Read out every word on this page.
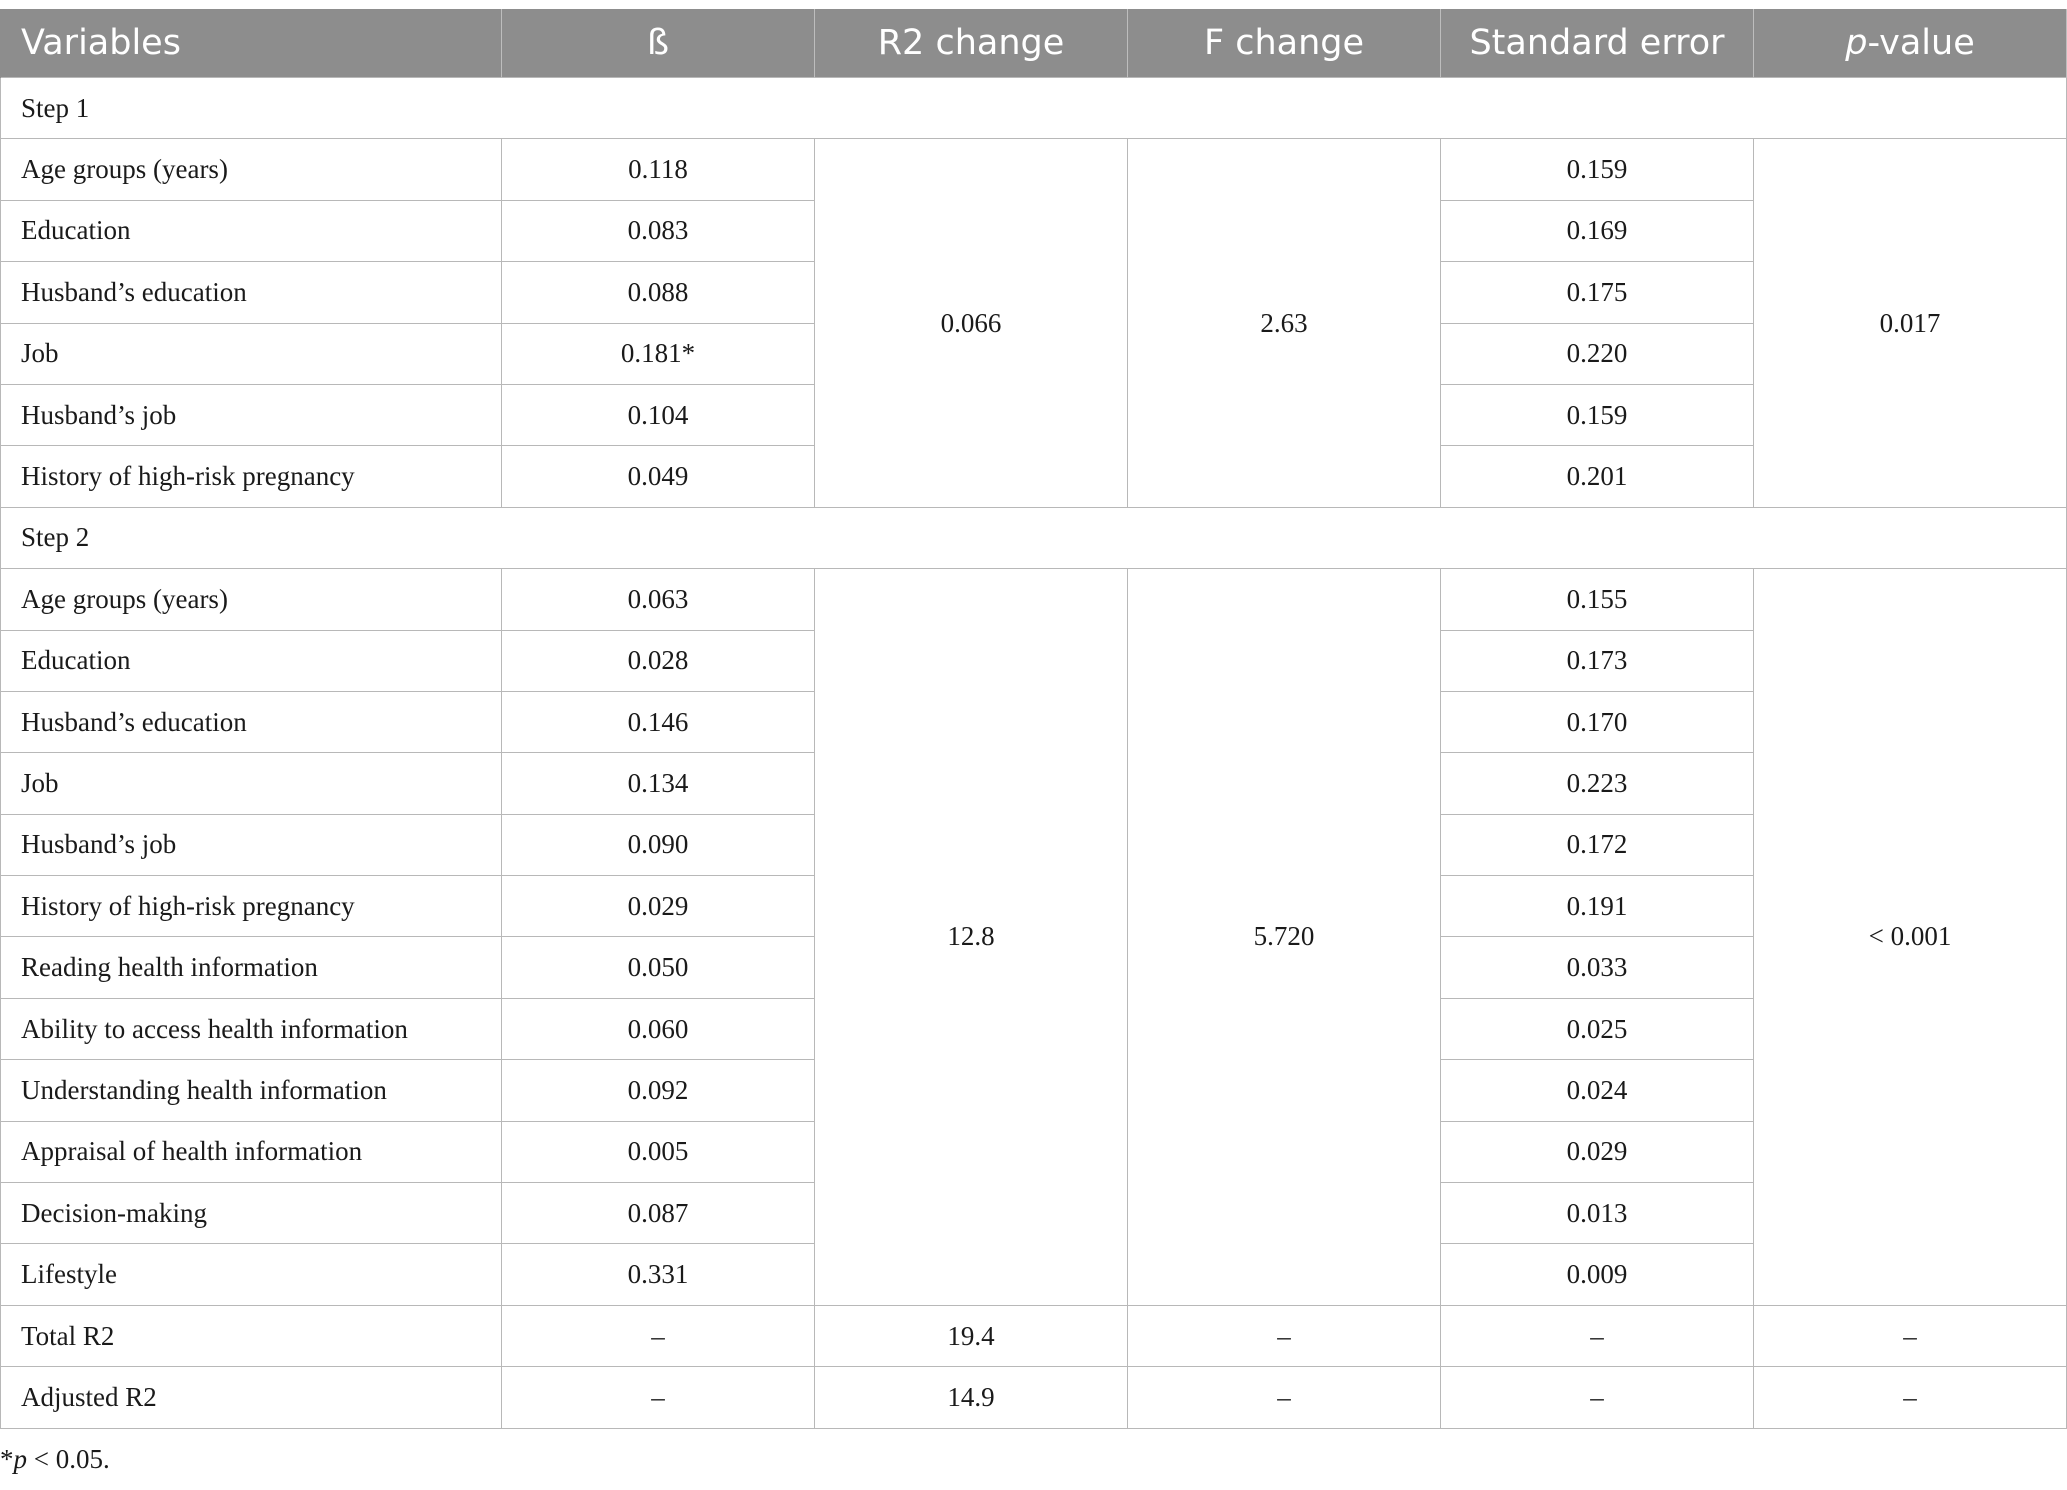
Variables	ß	R2 change	F change	Standard error	p-value
Step 1					
Age groups (years)	0.118	0.066	2.63	0.159	0.017
Education	0.083			0.169	
Husband’s education	0.088			0.175	
Job	0.181*			0.220	
Husband’s job	0.104			0.159	
History of high-risk pregnancy	0.049			0.201	
Step 2					
Age groups (years)	0.063	12.8	5.720	0.155	< 0.001
Education	0.028			0.173	
Husband’s education	0.146			0.170	
Job	0.134			0.223	
Husband’s job	0.090			0.172	
History of high-risk pregnancy	0.029			0.191	
Reading health information	0.050			0.033	
Ability to access health information	0.060			0.025	
Understanding health information	0.092			0.024	
Appraisal of health information	0.005			0.029	
Decision-making	0.087			0.013	
Lifestyle	0.331			0.009	
Total R2	–	19.4	–	–	–
Adjusted R2	–	14.9	–	–	–
*p < 0.05.
